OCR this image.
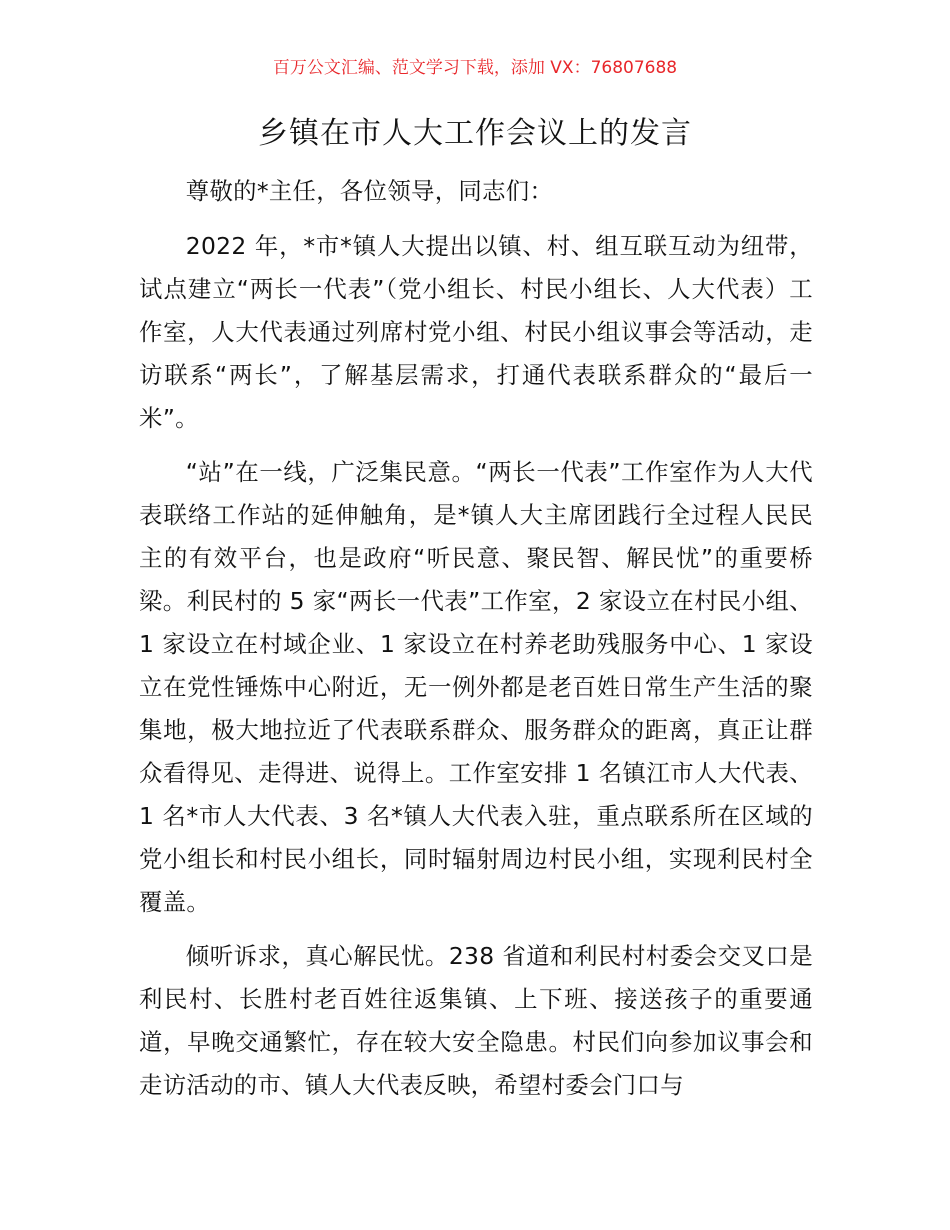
百万公文汇编、范文学习下载，添加 VX：76807688
乡镇在市人大工作会议上的发言

尊敬的*主任，各位领导，同志们：

2022 年，*市*镇人大提出以镇、村、组互联互动为纽带，试点建立“两长一代表”（党小组长、村民小组长、人大代表）工作室，人大代表通过列席村党小组、村民小组议事会等活动，走访联系“两长”，了解基层需求，打通代表联系群众的“最后一米”。

“站”在一线，广泛集民意。“两长一代表”工作室作为人大代表联络工作站的延伸触角，是*镇人大主席团践行全过程人民民主的有效平台，也是政府“听民意、聚民智、解民忧”的重要桥梁。利民村的 5 家“两长一代表”工作室，2 家设立在村民小组、1 家设立在村域企业、1 家设立在村养老助残服务中心、1 家设立在党性锤炼中心附近，无一例外都是老百姓日常生产生活的聚集地，极大地拉近了代表联系群众、服务群众的距离，真正让群众看得见、走得进、说得上。工作室安排 1 名镇江市人大代表、1 名*市人大代表、3 名*镇人大代表入驻，重点联系所在区域的党小组长和村民小组长，同时辐射周边村民小组，实现利民村全覆盖。

倾听诉求，真心解民忧。238 省道和利民村村委会交叉口是利民村、长胜村老百姓往返集镇、上下班、接送孩子的重要通道，早晚交通繁忙，存在较大安全隐患。村民们向参加议事会和走访活动的市、镇人大代表反映，希望村委会门口与
